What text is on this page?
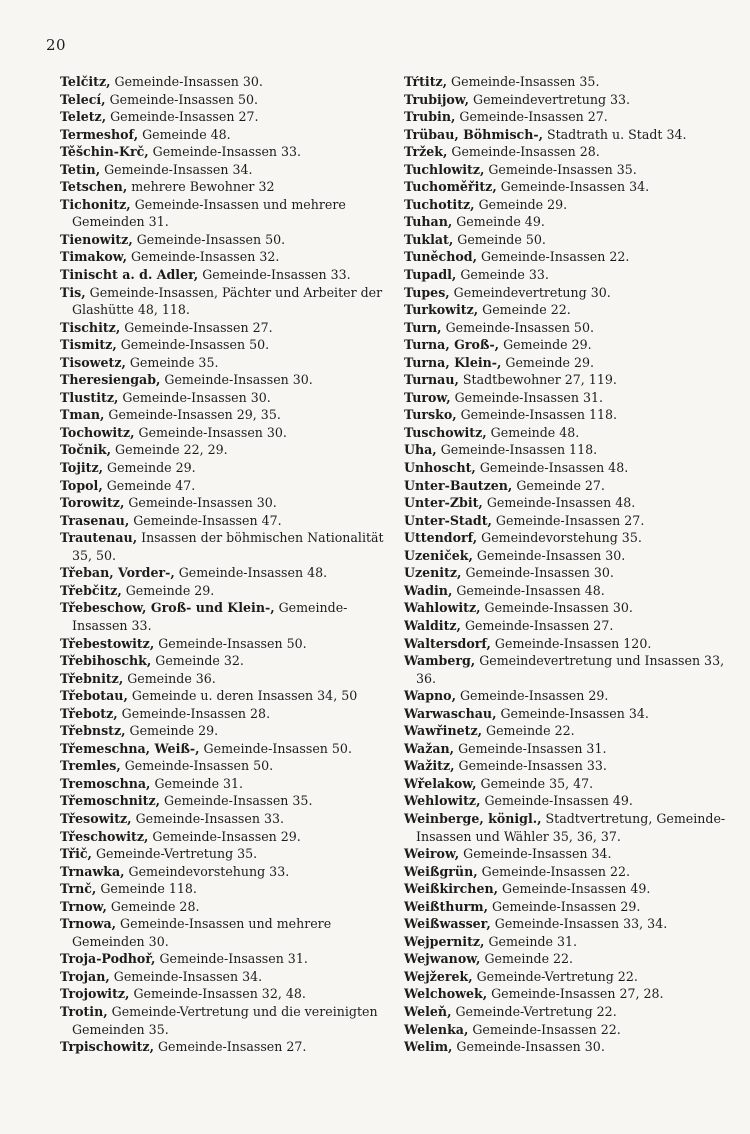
20
Telčitz, Gemeinde-Insassen 30.
Telecí, Gemeinde-Insassen 50.
Teletz, Gemeinde-Insassen 27.
Termeshof, Gemeinde 48.
Těšchin-Krč, Gemeinde-Insassen 33.
Tetin, Gemeinde-Insassen 34.
Tetschen, mehrere Bewohner 32
Tichonitz, Gemeinde-Insassen und mehrere Gemeinden 31.
Tienowitz, Gemeinde-Insassen 50.
Timakow, Gemeinde-Insassen 32.
Tinischt a. d. Adler, Gemeinde-Insassen 33.
Tis, Gemeinde-Insassen, Pächter und Arbeiter der Glashütte 48, 118.
Tischitz, Gemeinde-Insassen 27.
Tismitz, Gemeinde-Insassen 50.
Tisowetz, Gemeinde 35.
Theresiengab, Gemeinde-Insassen 30.
Tlustitz, Gemeinde-Insassen 30.
Tman, Gemeinde-Insassen 29, 35.
Tochowitz, Gemeinde-Insassen 30.
Točnik, Gemeinde 22, 29.
Tojitz, Gemeinde 29.
Topol, Gemeinde 47.
Torowitz, Gemeinde-Insassen 30.
Trasenau, Gemeinde-Insassen 47.
Trautenau, Insassen der böhmischen Nationalität 35, 50.
Třeban, Vorder-, Gemeinde-Insassen 48.
Třebčitz, Gemeinde 29.
Třebeschow, Groß- und Klein-, Gemeinde-Insassen 33.
Třebestowitz, Gemeinde-Insassen 50.
Třebihoschk, Gemeinde 32.
Třebnitz, Gemeinde 36.
Třebotau, Gemeinde u. deren Insassen 34, 50
Třebotz, Gemeinde-Insassen 28.
Třebnstz, Gemeinde 29.
Třemeschna, Weiß-, Gemeinde-Insassen 50.
Tremles, Gemeinde-Insassen 50.
Tremoschna, Gemeinde 31.
Třemoschnitz, Gemeinde-Insassen 35.
Třesowitz, Gemeinde-Insassen 33.
Třeschowitz, Gemeinde-Insassen 29.
Třič, Gemeinde-Vertretung 35.
Trnawka, Gemeindevorstehung 33.
Trnč, Gemeinde 118.
Trnow, Gemeinde 28.
Trnowa, Gemeinde-Insassen und mehrere Gemeinden 30.
Troja-Podhoř, Gemeinde-Insassen 31.
Trojan, Gemeinde-Insassen 34.
Trojowitz, Gemeinde-Insassen 32, 48.
Trotin, Gemeinde-Vertretung und die vereinigten Gemeinden 35.
Trpischowitz, Gemeinde-Insassen 27.
Tŕtitz, Gemeinde-Insassen 35.
Trubijow, Gemeindevertretung 33.
Trubin, Gemeinde-Insassen 27.
Trübau, Böhmisch-, Stadtrath u. Stadt 34.
Tržek, Gemeinde-Insassen 28.
Tuchlowitz, Gemeinde-Insassen 35.
Tuchoměřitz, Gemeinde-Insassen 34.
Tuchotitz, Gemeinde 29.
Tuhan, Gemeinde 49.
Tuklat, Gemeinde 50.
Tuněchod, Gemeinde-Insassen 22.
Tupadl, Gemeinde 33.
Tupes, Gemeindevertretung 30.
Turkowitz, Gemeinde 22.
Turn, Gemeinde-Insassen 50.
Turna, Groß-, Gemeinde 29.
Turna, Klein-, Gemeinde 29.
Turnau, Stadtbewohner 27, 119.
Turow, Gemeinde-Insassen 31.
Tursko, Gemeinde-Insassen 118.
Tuschowitz, Gemeinde 48.
Uha, Gemeinde-Insassen 118.
Unhoscht, Gemeinde-Insassen 48.
Unter-Bautzen, Gemeinde 27.
Unter-Zbit, Gemeinde-Insassen 48.
Unter-Stadt, Gemeinde-Insassen 27.
Uttendorf, Gemeindevorstehung 35.
Uzeniček, Gemeinde-Insassen 30.
Uzenitz, Gemeinde-Insassen 30.
Wadin, Gemeinde-Insassen 48.
Wahlowitz, Gemeinde-Insassen 30.
Walditz, Gemeinde-Insassen 27.
Waltersdorf, Gemeinde-Insassen 120.
Wamberg, Gemeindevertretung und Insassen 33, 36.
Wapno, Gemeinde-Insassen 29.
Warwaschau, Gemeinde-Insassen 34.
Wawřinetz, Gemeinde 22.
Wažan, Gemeinde-Insassen 31.
Wažitz, Gemeinde-Insassen 33.
Wřelakow, Gemeinde 35, 47.
Wehlowitz, Gemeinde-Insassen 49.
Weinberge, königl., Stadtvertretung, Gemeinde-Insassen und Wähler 35, 36, 37.
Weirow, Gemeinde-Insassen 34.
Weißgrün, Gemeinde-Insassen 22.
Weißkirchen, Gemeinde-Insassen 49.
Weißthurm, Gemeinde-Insassen 29.
Weißwasser, Gemeinde-Insassen 33, 34.
Wejpernitz, Gemeinde 31.
Wejwanow, Gemeinde 22.
Wejžerek, Gemeinde-Vertretung 22.
Welchowek, Gemeinde-Insassen 27, 28.
Weleň, Gemeinde-Vertretung 22.
Welenka, Gemeinde-Insassen 22.
Welim, Gemeinde-Insassen 30.
